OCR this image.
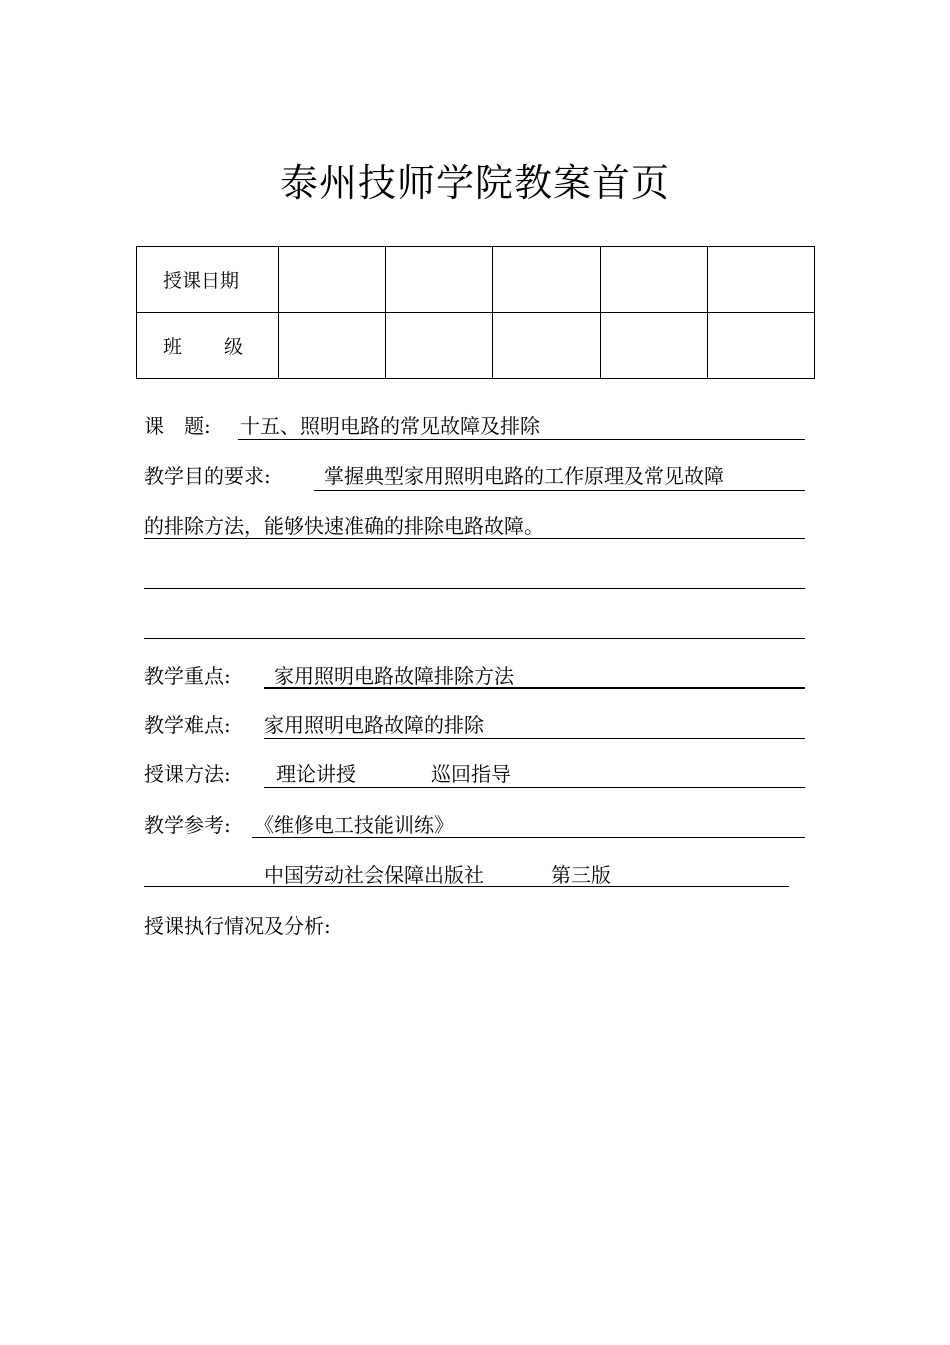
泰州技师学院教案首页
授课日期					
班 级					
课　题: 十五、照明电路的常见故障及排除
教学目的要求:	掌握典型家用照明电路的工作原理及常见故障
的排除方法，能够快速准确的排除电路故障。
教学重点: 家用照明电路故障排除方法
教学难点: 家用照明电路故障的排除
授课方法: 理论讲授	巡回指导
教学参考: 《维修电工技能训练》
中国劳动社会保障出版社	第三版
授课执行情况及分析:
